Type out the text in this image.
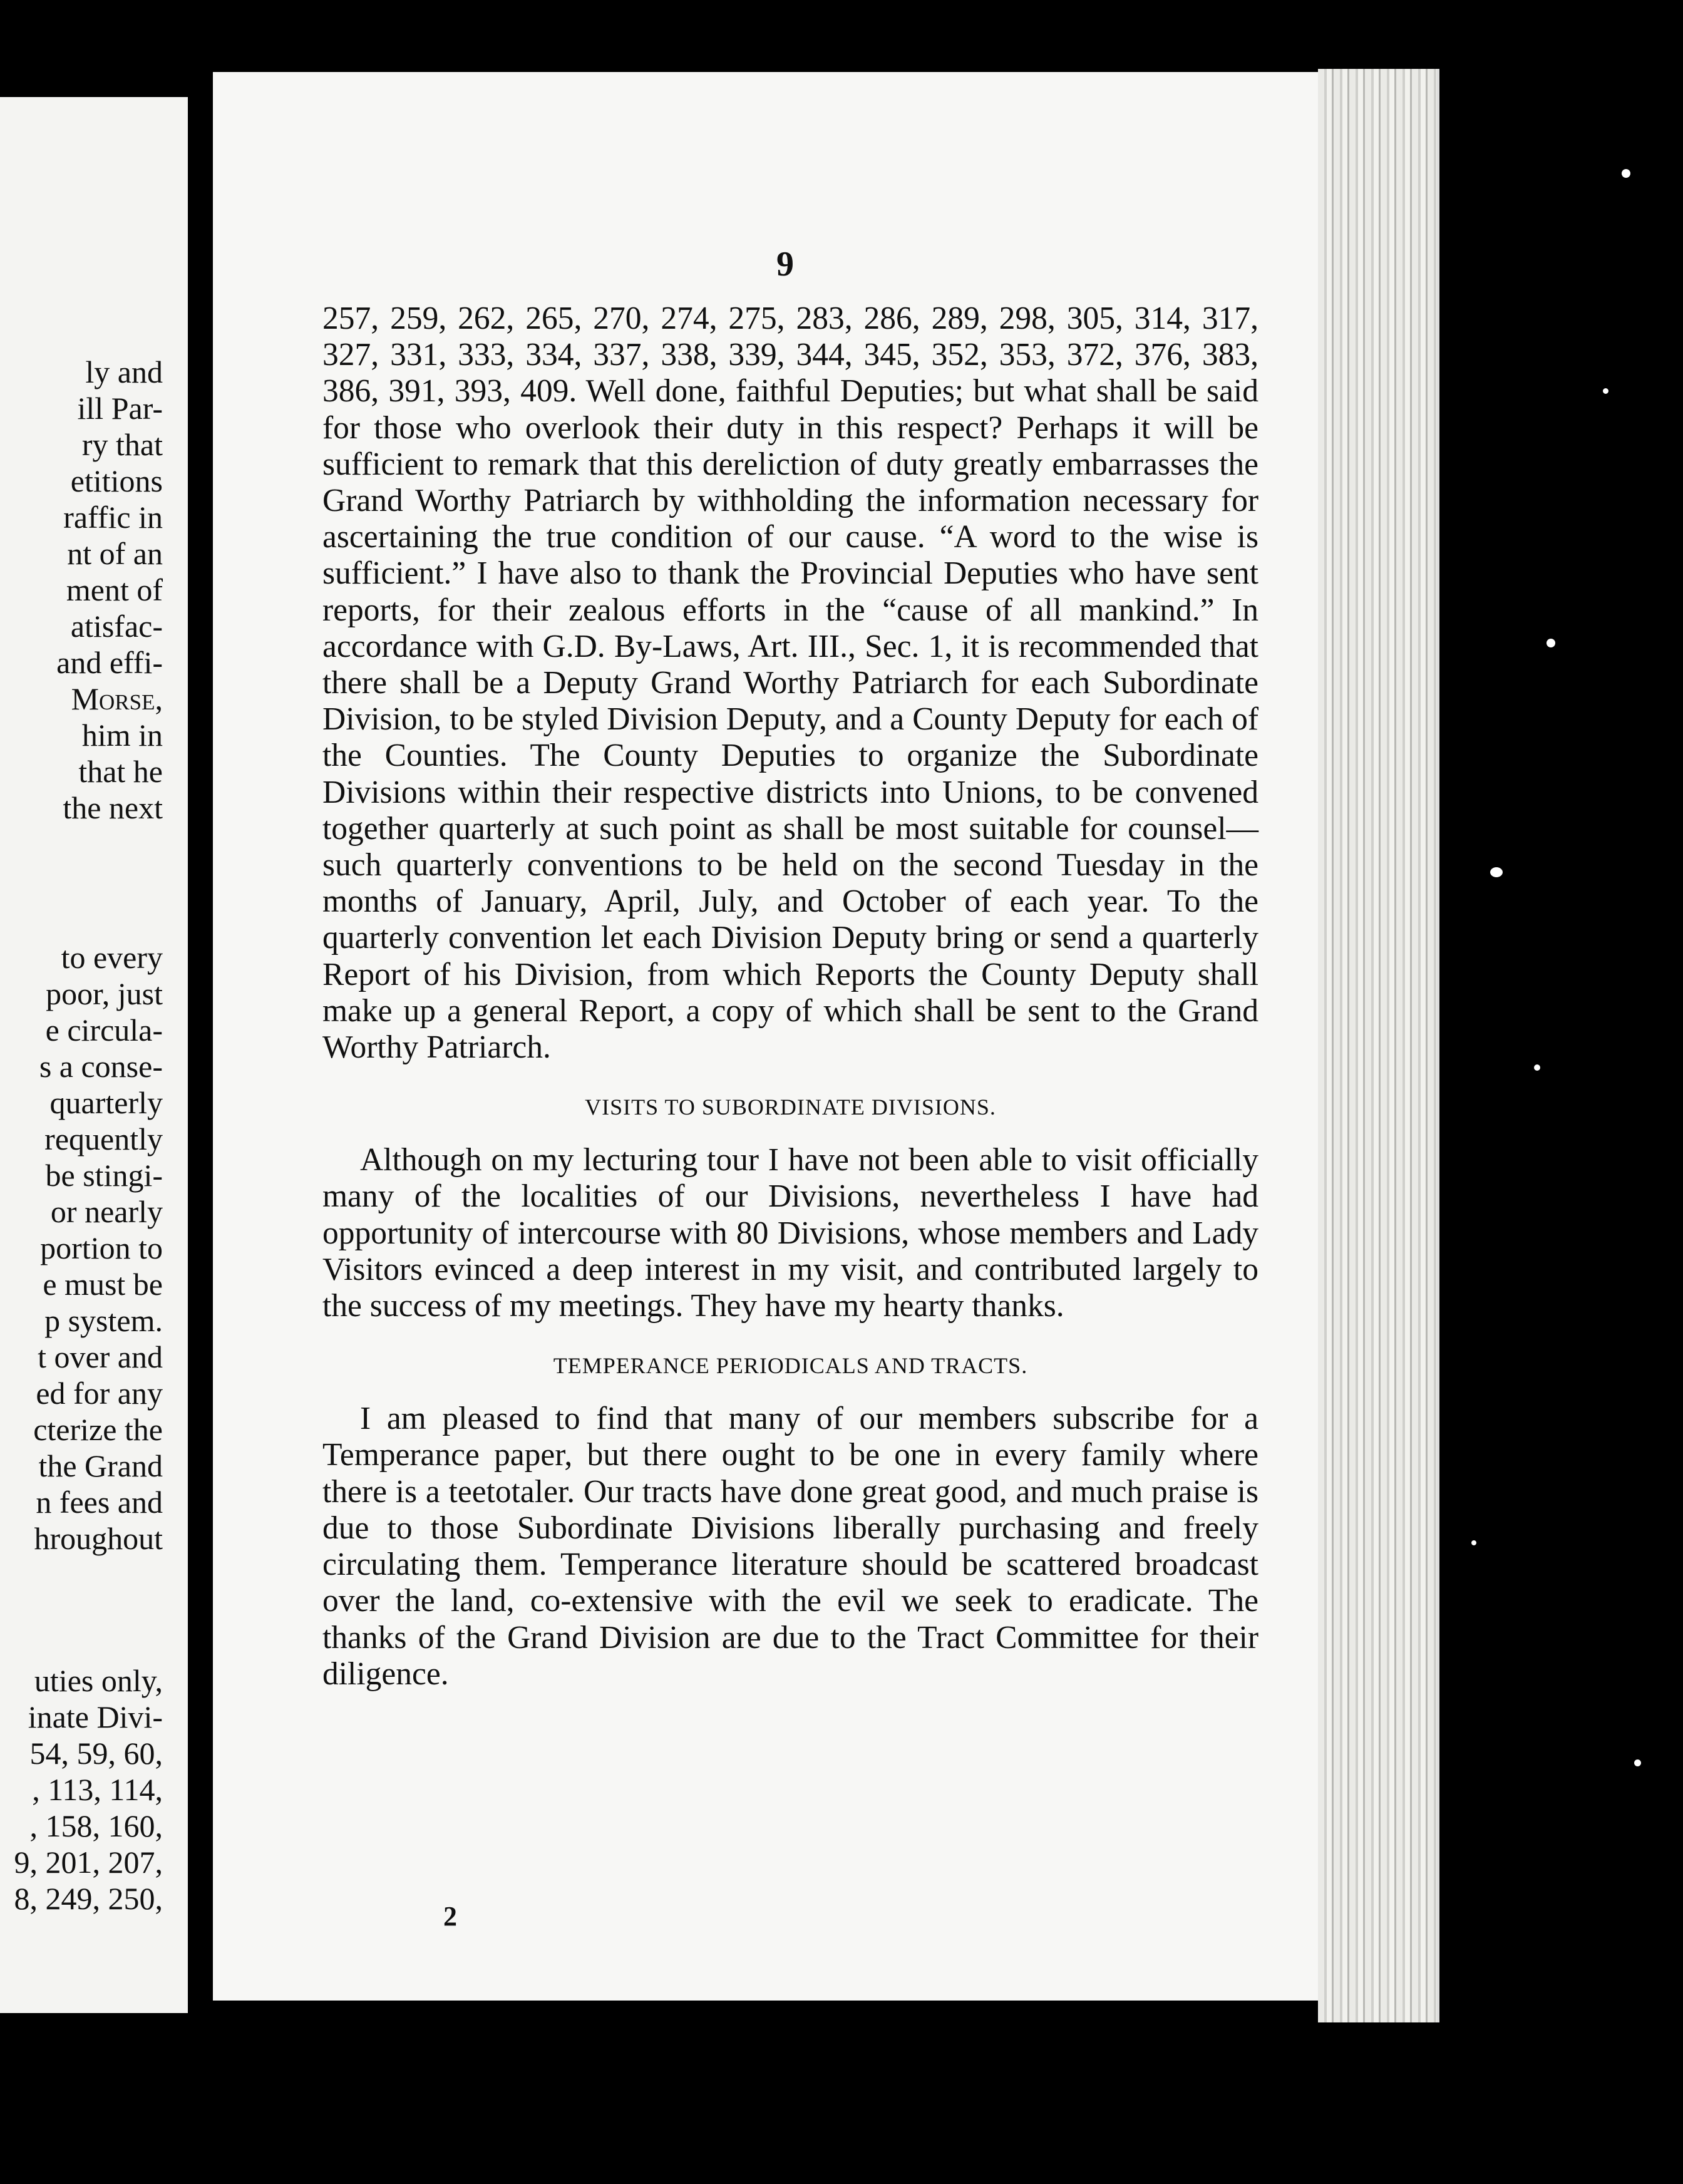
ly and
ill Par-
ry that
etitions
raffic in
nt of an
ment of
atisfac-
and effi-
Morse,
him in
that he
the next
to every
poor, just
e circula-
s a conse-
quarterly
requently
be stingi-
or nearly
portion to
e must be
p system.
t over and
ed for any
cterize the
the Grand
n fees and
hroughout
uties only,
inate Divi-
54, 59, 60,
, 113, 114,
, 158, 160,
9, 201, 207,
8, 249, 250,
9

257, 259, 262, 265, 270, 274, 275, 283, 286, 289, 298, 305, 314, 317, 327, 331, 333, 334, 337, 338, 339, 344, 345, 352, 353, 372, 376, 383, 386, 391, 393, 409. Well done, faithful Deputies; but what shall be said for those who overlook their duty in this respect? Perhaps it will be sufficient to remark that this dereliction of duty greatly embarrasses the Grand Worthy Patriarch by withholding the information necessary for ascertaining the true condition of our cause. “A word to the wise is sufficient.” I have also to thank the Provincial Deputies who have sent reports, for their zealous efforts in the “cause of all mankind.” In accordance with G.D. By-Laws, Art. III., Sec. 1, it is recommended that there shall be a Deputy Grand Worthy Patriarch for each Subordinate Division, to be styled Division Deputy, and a County Deputy for each of the Counties. The County Deputies to organize the Subordinate Divisions within their respective districts into Unions, to be convened together quarterly at such point as shall be most suitable for counsel—such quarterly conventions to be held on the second Tuesday in the months of January, April, July, and October of each year. To the quarterly convention let each Division Deputy bring or send a quarterly Report of his Division, from which Reports the County Deputy shall make up a general Report, a copy of which shall be sent to the Grand Worthy Patriarch.

VISITS TO SUBORDINATE DIVISIONS.

Although on my lecturing tour I have not been able to visit officially many of the localities of our Divisions, nevertheless I have had opportunity of intercourse with 80 Divisions, whose members and Lady Visitors evinced a deep interest in my visit, and contributed largely to the success of my meetings. They have my hearty thanks.

TEMPERANCE PERIODICALS AND TRACTS.

I am pleased to find that many of our members subscribe for a Temperance paper, but there ought to be one in every family where there is a teetotaler. Our tracts have done great good, and much praise is due to those Subordinate Divisions liberally purchasing and freely circulating them. Temperance literature should be scattered broadcast over the land, co-extensive with the evil we seek to eradicate. The thanks of the Grand Division are due to the Tract Committee for their diligence.

2
